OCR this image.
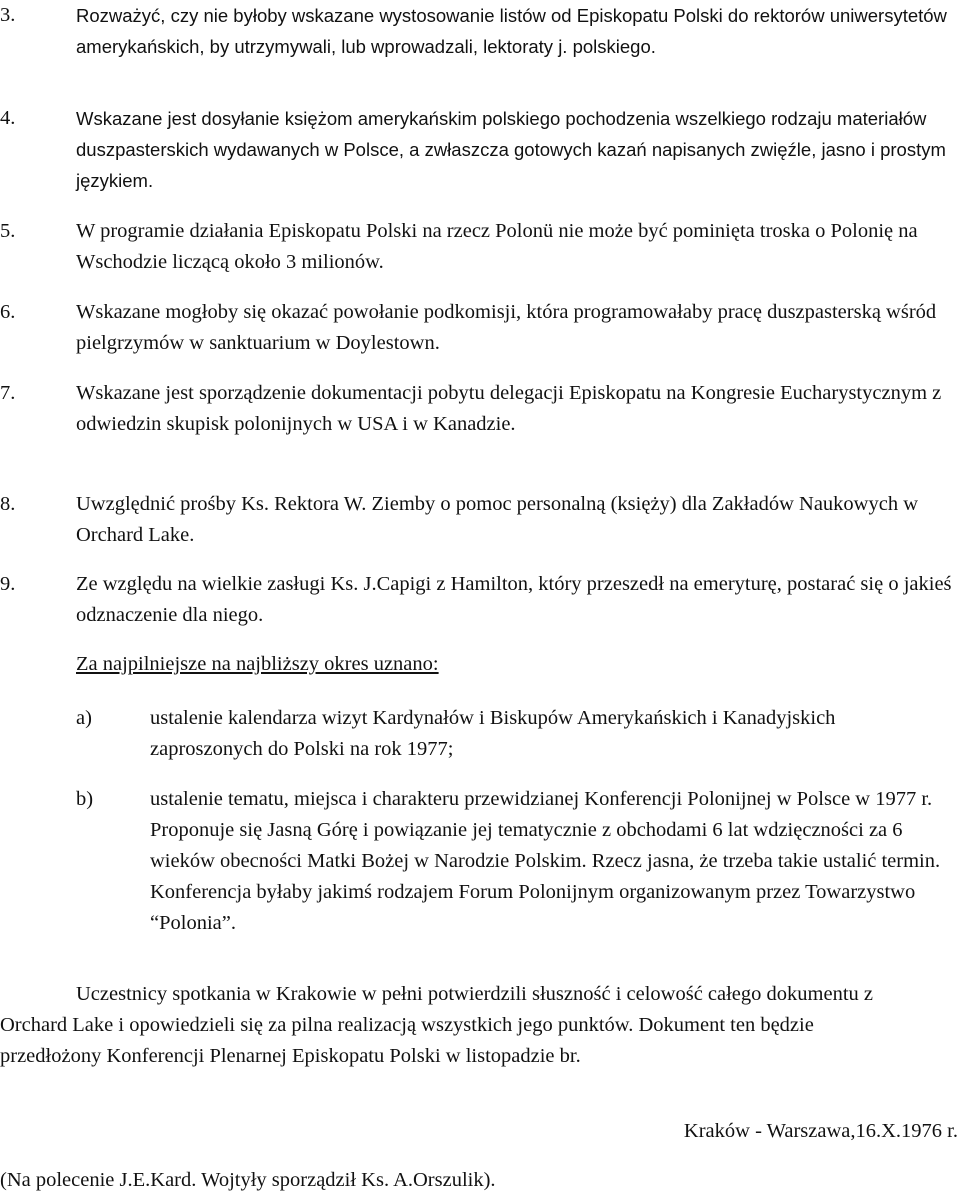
3.	Rozważyć, czy nie byłoby wskazane wystosowanie listów od Episkopatu Polski do rektorów uniwersytetów amerykańskich, by utrzymywali, lub wprowadzali, lektoraty j. polskiego.
4.	Wskazane jest dosyłanie księżom amerykańskim polskiego pochodzenia wszelkiego rodzaju materiałów duszpasterskich wydawanych w Polsce, a zwłaszcza gotowych kazań napisanych zwięźle, jasno i prostym językiem.
5.	W programie działania Episkopatu Polski na rzecz Polonü nie może być pominięta troska o Polonię na Wschodzie liczącą około 3 milionów.
6.	Wskazane mogłoby się okazać powołanie podkomisji, która programowałaby pracę duszpasterską wśród pielgrzymów w sanktuarium w Doylestown.
7.	Wskazane jest sporządzenie dokumentacji pobytu delegacji Episkopatu na Kongresie Eucharystycznym z odwiedzin skupisk polonijnych w USA i w Kanadzie.
8.	Uwzględnić prośby Ks. Rektora W. Ziemby o pomoc personalną (księży) dla Zakładów Naukowych w Orchard Lake.
9.	Ze względu na wielkie zasługi Ks. J.Capigi z Hamilton, który przeszedł na emeryturę, postarać się o jakieś odznaczenie dla niego.
Za najpilniejsze na najbliższy okres uznano:
a)	ustalenie kalendarza wizyt Kardynałów i Biskupów Amerykańskich i Kanadyjskich zaproszonych do Polski na rok 1977;
b)	ustalenie tematu, miejsca i charakteru przewidzianej Konferencji Polonijnej w Polsce w 1977 r. Proponuje się Jasną Górę i powiązanie jej tematycznie z obchodami 6 lat wdzięczności za 6 wieków obecności Matki Bożej w Narodzie Polskim. Rzecz jasna, że trzeba takie ustalić termin. Konferencja byłaby jakimś rodzajem Forum Polonijnym organizowanym przez Towarzystwo “Polonia”.
Uczestnicy spotkania w Krakowie w pełni potwierdzili słuszność i celowość całego dokumentu z Orchard Lake i opowiedzieli się za pilna realizacją wszystkich jego punktów. Dokument ten będzie przedłożony Konferencji Plenarnej Episkopatu Polski w listopadzie br.
Kraków - Warszawa,16.X.1976 r.
(Na polecenie J.E.Kard. Wojtyły sporządził Ks. A.Orszulik).
